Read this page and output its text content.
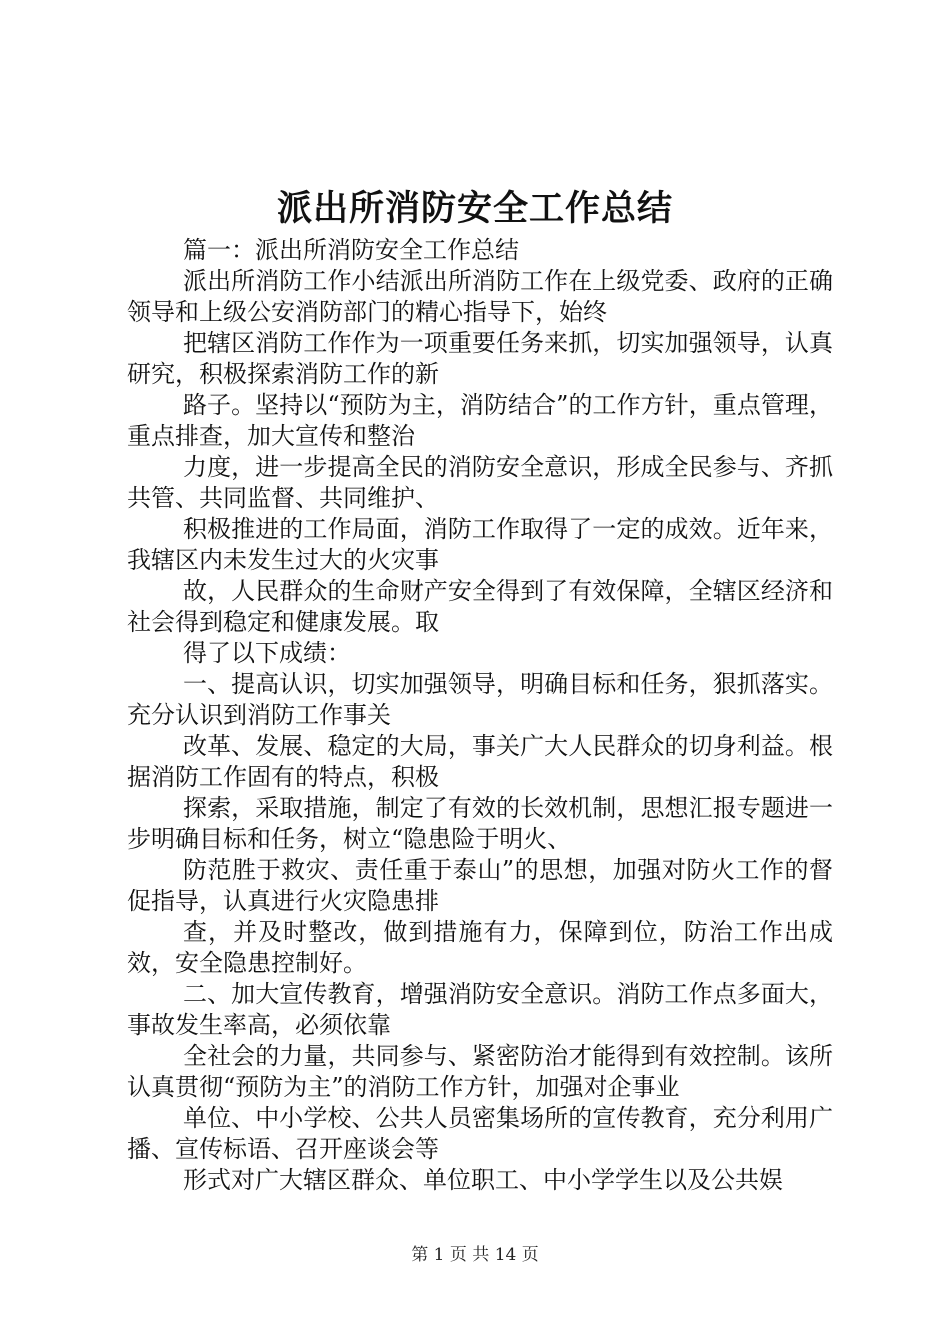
派出所消防安全工作总结

篇一：派出所消防安全工作总结

派出所消防工作小结派出所消防工作在上级党委、政府的正确领导和上级公安消防部门的精心指导下，始终

把辖区消防工作作为一项重要任务来抓，切实加强领导，认真研究，积极探索消防工作的新

路子。坚持以“预防为主，消防结合”的工作方针，重点管理，重点排查，加大宣传和整治

力度，进一步提高全民的消防安全意识，形成全民参与、齐抓共管、共同监督、共同维护、

积极推进的工作局面，消防工作取得了一定的成效。近年来，我辖区内未发生过大的火灾事

故，人民群众的生命财产安全得到了有效保障，全辖区经济和社会得到稳定和健康发展。取

得了以下成绩：

一、提高认识，切实加强领导，明确目标和任务，狠抓落实。充分认识到消防工作事关

改革、发展、稳定的大局，事关广大人民群众的切身利益。根据消防工作固有的特点，积极

探索，采取措施，制定了有效的长效机制，思想汇报专题进一步明确目标和任务，树立“隐患险于明火、

防范胜于救灾、责任重于泰山”的思想，加强对防火工作的督促指导，认真进行火灾隐患排

查，并及时整改，做到措施有力，保障到位，防治工作出成效，安全隐患控制好。

二、加大宣传教育，增强消防安全意识。消防工作点多面大，事故发生率高，必须依靠

全社会的力量，共同参与、紧密防治才能得到有效控制。该所认真贯彻“预防为主”的消防工作方针，加强对企事业

单位、中小学校、公共人员密集场所的宣传教育，充分利用广播、宣传标语、召开座谈会等

形式对广大辖区群众、单位职工、中小学学生以及公共娱

第 1 页 共 14 页
